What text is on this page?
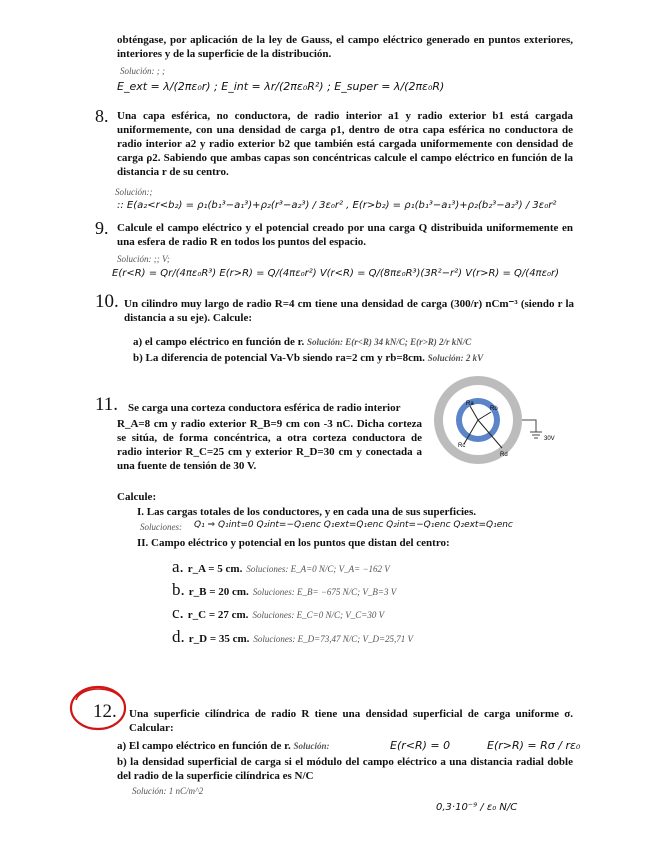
obténgase, por aplicación de la ley de Gauss, el campo eléctrico generado en puntos exteriores, interiores y de la superficie de la distribución.
Solución: ; ;
E_ext = λ/(2πε₀r) ; E_int = λr/(2πε₀R²) ; E_super = λ/(2πε₀R)
8. Una capa esférica, no conductora, de radio interior a1 y radio exterior b1 está cargada uniformemente, con una densidad de carga ρ1, dentro de otra capa esférica no conductora de radio interior a2 y radio exterior b2 que también está cargada uniformemente con densidad de carga ρ2. Sabiendo que ambas capas son concéntricas calcule el campo eléctrico en función de la distancia r de su centro.
Solución:;
:: E(a₂<r<b₂) = ρ₁(b₁³−a₁³)+ρ₂(r³−a₂³) / 3ε₀r² , E(r>b₂) = ρ₁(b₁³−a₁³)+ρ₂(b₂³−a₂³) / 3ε₀r²
9. Calcule el campo eléctrico y el potencial creado por una carga Q distribuida uniformemente en una esfera de radio R en todos los puntos del espacio.
Solución: ;; V;
E(r<R) = Qr/(4πε₀R³) E(r>R) = Q/(4πε₀r²) V(r<R) = Q/(8πε₀R³)(3R²−r²) V(r>R) = Q/(4πε₀r)
10. Un cilindro muy largo de radio R=4 cm tiene una densidad de carga (300/r) nCm⁻³ (siendo r la distancia a su eje). Calcule:
a) el campo eléctrico en función de r. Solución: E(r<R) 34 kN/C; E(r>R) 2/r kN/C
b) La diferencia de potencial Va-Vb siendo ra=2 cm y rb=8cm. Solución: 2 kV
11. Se carga una corteza conductora esférica de radio interior
R_A=8 cm y radio exterior R_B=9 cm con -3 nC. Dicha corteza se sitúa, de forma concéntrica, a otra corteza conductora de radio interior R_C=25 cm y exterior R_D=30 cm y conectada a una fuente de tensión de 30 V.
Ra
Rb
Rc
Rd
30V
Calcule:
I. Las cargas totales de los conductores, y en cada una de sus superficies.
Soluciones: Q₁ ⇒ Q₁int=0 Q₂int=−Q₁enc Q₁ext=Q₁enc Q₂int=−Q₁enc Q₂ext=Q₁enc
II. Campo eléctrico y potencial en los puntos que distan del centro:
a. r_A = 5 cm. Soluciones: E_A=0 N/C; V_A= −162 V
b. r_B = 20 cm. Soluciones: E_B= −675 N/C; V_B=3 V
c. r_C = 27 cm. Soluciones: E_C=0 N/C; V_C=30 V
d. r_D = 35 cm. Soluciones: E_D=73,47 N/C; V_D=25,71 V
12. Una superficie cilíndrica de radio R tiene una densidad superficial de carga uniforme σ. Calcular:
a) El campo eléctrico en función de r. Solución:	E(r<R) = 0	E(r>R) = Rσ / rε₀
b) la densidad superficial de carga si el módulo del campo eléctrico a una distancia radial doble del radio de la superficie cilíndrica es N/C
Solución: 1 nC/m^2
0,3·10⁻⁹ / ε₀ N/C
